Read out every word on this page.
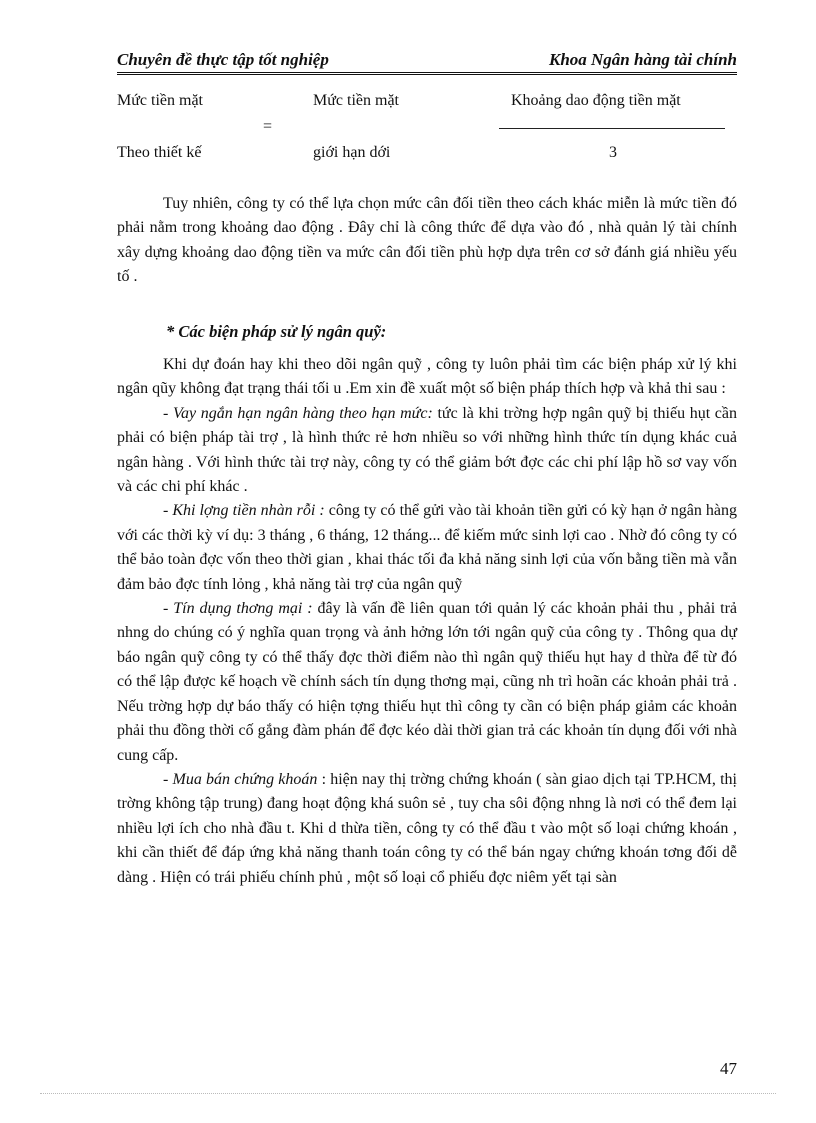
Chuyên đề thực tập tốt nghiệp	Khoa Ngân hàng tài chính
Mức tiền mặt
Theo thiết kế
=
Mức tiền mặt
giới hạn dới
Khoảng dao động tiền mặt
3

Tuy nhiên, công ty có thể lựa chọn mức cân đối tiền theo cách khác miễn là mức tiền đó phải nằm trong khoảng dao động . Đây chỉ là công thức để dựa vào đó , nhà quản lý tài chính xây dựng khoảng dao động tiền va mức cân đối tiền phù hợp dựa trên cơ sở đánh giá nhiều yếu tố .

* Các biện pháp sử lý ngân quỹ:

Khi dự đoán hay khi theo dõi ngân quỹ , công ty luôn phải tìm các biện pháp xử lý khi ngân qũy không đạt trạng thái tối u .Em xin đề xuất một số biện pháp thích hợp và khả thi sau :

- Vay ngắn hạn ngân hàng theo hạn mức: tức là khi trờng hợp ngân quỹ bị thiếu hụt cần phải có biện pháp tài trợ , là hình thức rẻ hơn nhiều so với những hình thức tín dụng khác cuả ngân hàng . Với hình thức tài trợ này, công ty có thể giảm bớt đợc các chi phí lập hồ sơ vay vốn và các chi phí khác .

- Khi lợng tiền nhàn rỗi : công ty có thể gửi vào tài khoản tiền gửi có kỳ hạn ở ngân hàng với các thời kỳ ví dụ: 3 tháng , 6 tháng, 12 tháng... để kiếm mức sinh lợi cao . Nhờ đó công ty có thể bảo toàn đợc vốn theo thời gian , khai thác tối đa khả năng sinh lợi của vốn bằng tiền mà vẫn đảm bảo đợc tính lỏng , khả năng tài trợ của ngân quỹ

- Tín dụng thơng mại : đây là vấn đề liên quan tới quản lý các khoản phải thu , phải trả nhng do chúng có ý nghĩa quan trọng và ảnh hởng lớn tới ngân quỹ của công ty . Thông qua dự báo ngân quỹ công ty có thể thấy đợc thời điểm nào thì ngân quỹ thiếu hụt hay d thừa để từ đó có thể lập được kế hoạch về chính sách tín dụng thơng mại, cũng nh trì hoãn các khoản phải trả . Nếu trờng hợp dự báo thấy có hiện tợng thiếu hụt thì công ty cần có biện pháp giảm các khoản phải thu đồng thời cố gắng đàm phán để đợc kéo dài thời gian trả các khoản tín dụng đối với nhà cung cấp.

- Mua bán chứng khoán : hiện nay thị trờng chứng khoán ( sàn giao dịch tại TP.HCM, thị trờng không tập trung) đang hoạt động khá suôn sẻ , tuy cha sôi động nhng là nơi có thể đem lại nhiều lợi ích cho nhà đầu t. Khi d thừa tiền, công ty có thể đầu t vào một số loại chứng khoán , khi cần thiết để đáp ứng khả năng thanh toán công ty có thể bán ngay chứng khoán tơng đối dễ dàng . Hiện có trái phiếu chính phủ , một số loại cổ phiếu đợc niêm yết tại sàn

47
